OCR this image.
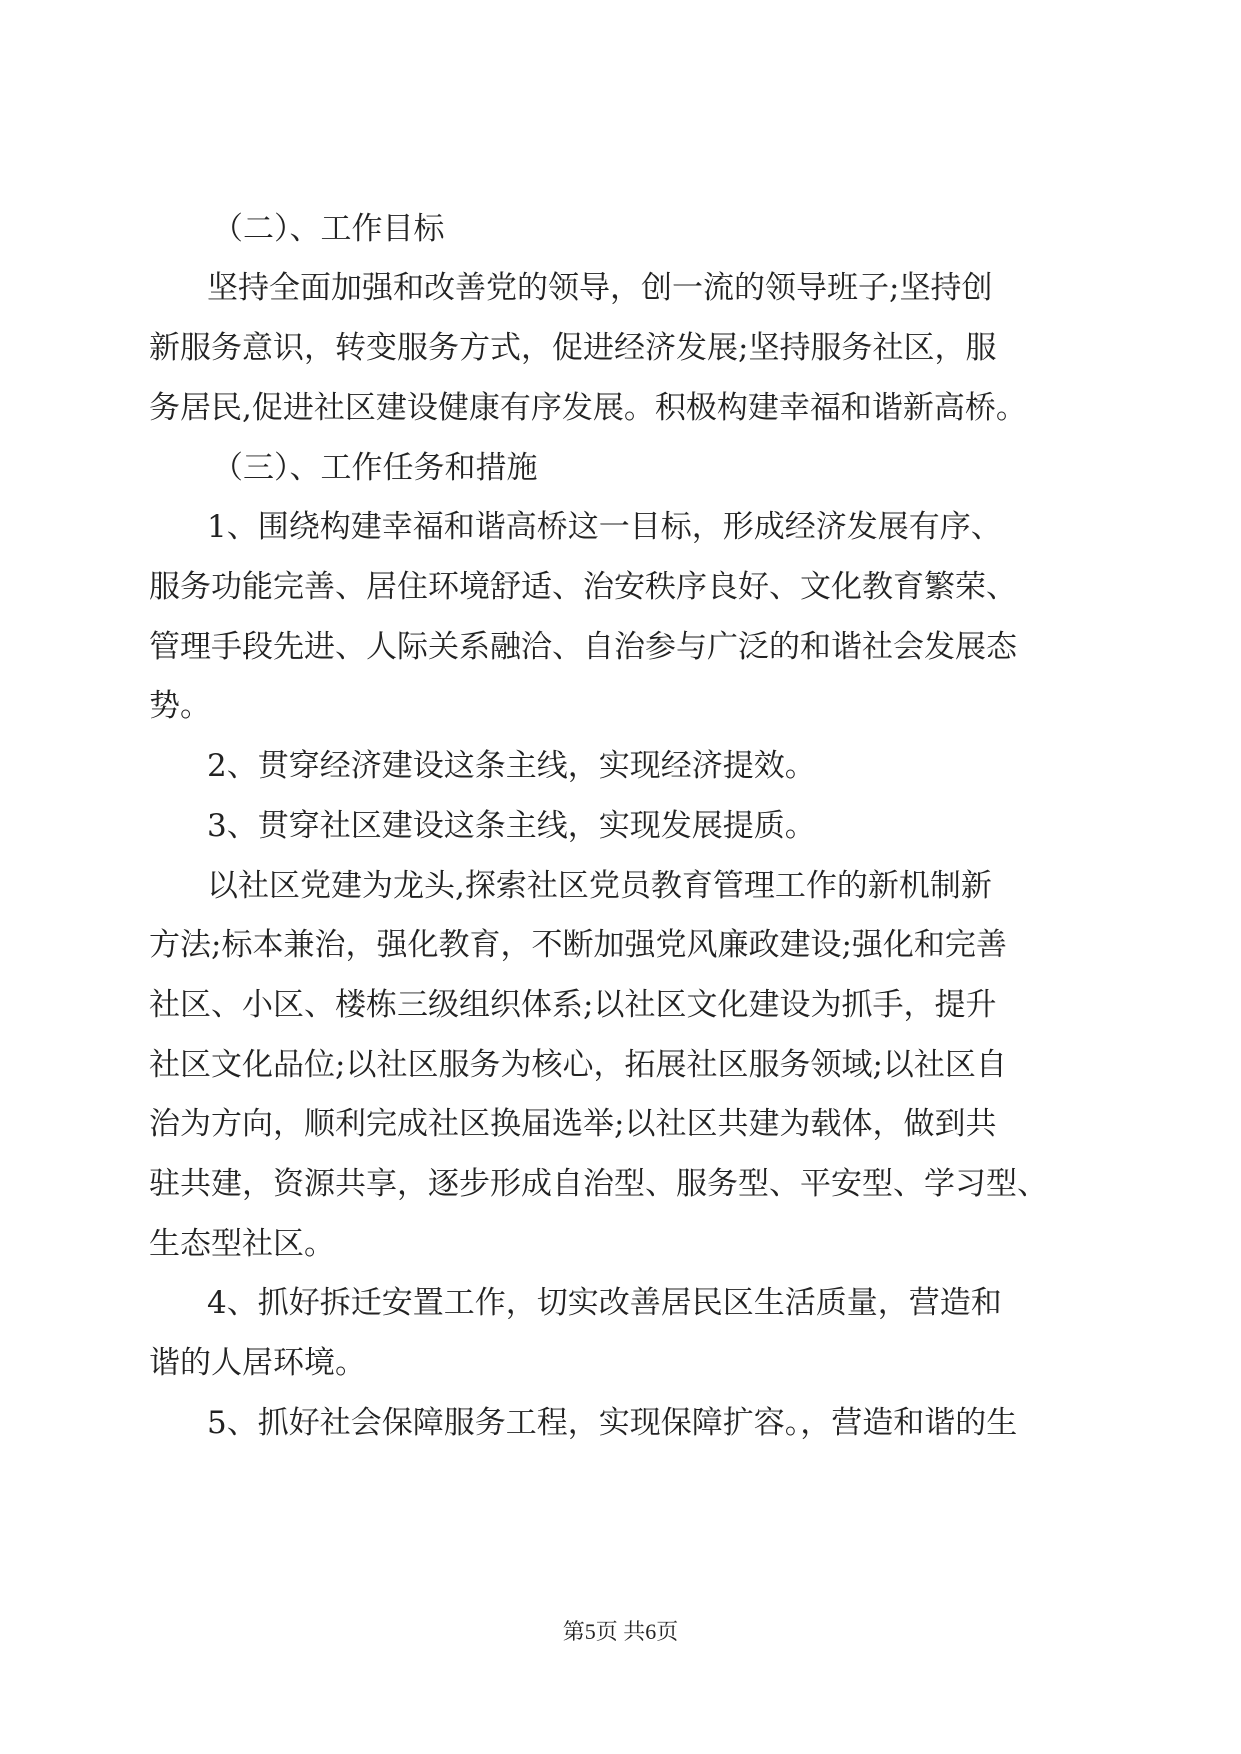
（二）、工作目标
坚持全面加强和改善党的领导，创一流的领导班子;坚持创
新服务意识，转变服务方式，促进经济发展;坚持服务社区，服
务居民,促进社区建设健康有序发展。积极构建幸福和谐新高桥。
（三）、工作任务和措施
1、围绕构建幸福和谐高桥这一目标，形成经济发展有序、
服务功能完善、居住环境舒适、治安秩序良好、文化教育繁荣、
管理手段先进、人际关系融洽、自治参与广泛的和谐社会发展态
势。
2、贯穿经济建设这条主线，实现经济提效。
3、贯穿社区建设这条主线，实现发展提质。
以社区党建为龙头,探索社区党员教育管理工作的新机制新
方法;标本兼治，强化教育，不断加强党风廉政建设;强化和完善
社区、小区、楼栋三级组织体系;以社区文化建设为抓手，提升
社区文化品位;以社区服务为核心，拓展社区服务领域;以社区自
治为方向，顺利完成社区换届选举;以社区共建为载体，做到共
驻共建，资源共享，逐步形成自治型、服务型、平安型、学习型、
生态型社区。
4、抓好拆迁安置工作，切实改善居民区生活质量，营造和
谐的人居环境。
5、抓好社会保障服务工程，实现保障扩容。，营造和谐的生
第5页 共6页
